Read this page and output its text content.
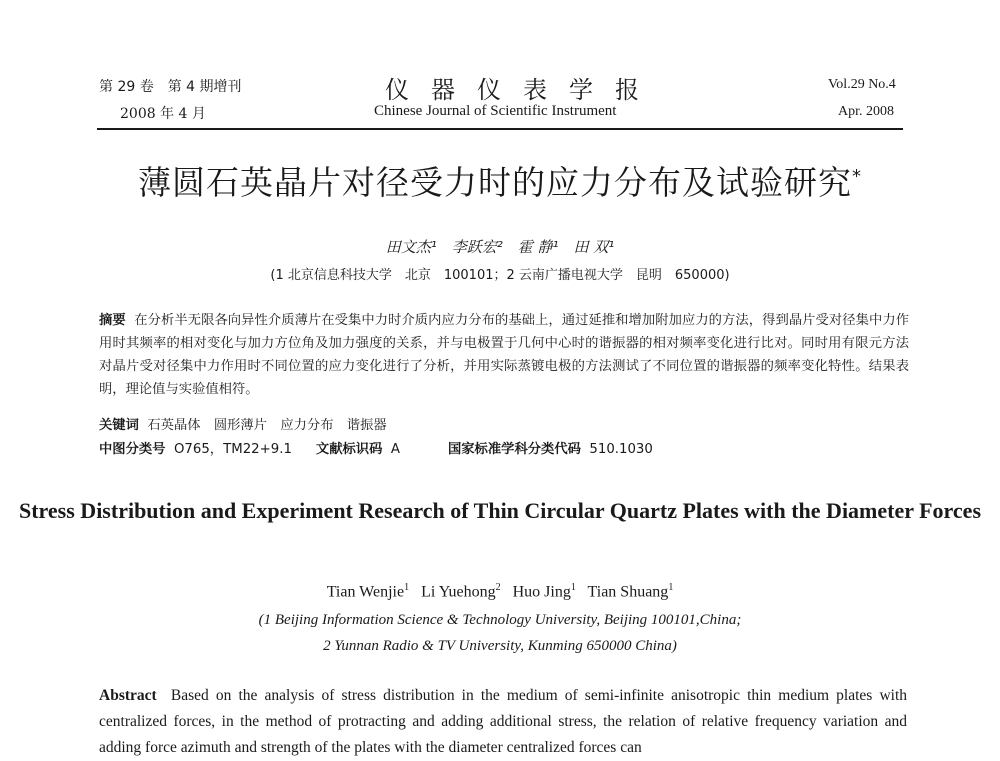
第 29 卷　第 4 期增刊
2008 年 4 月
仪器仪表学报
Chinese Journal of Scientific Instrument
Vol.29 No.4
Apr. 2008
薄圆石英晶片对径受力时的应力分布及试验研究*
田文杰¹　李跃宏²　霍 静¹　田 双¹
(1 北京信息科技大学　北京　100101；2 云南广播电视大学　昆明　650000)
摘要 在分析半无限各向异性介质薄片在受集中力时介质内应力分布的基础上，通过延推和增加附加应力的方法，得到晶片受对径集中力作用时其频率的相对变化与加力方位角及加力强度的关系，并与电极置于几何中心时的谐振器的相对频率变化进行比对。同时用有限元方法对晶片受对径集中力作用时不同位置的应力变化进行了分析，并用实际蒸镀电极的方法测试了不同位置的谐振器的频率变化特性。结果表明，理论值与实验值相符。
关键词 石英晶体　圆形薄片　应力分布　谐振器
中图分类号 O765，TM22+9.1 文献标识码 A	国家标准学科分类代码 510.1030
Stress Distribution and Experiment Research of Thin Circular Quartz Plates with the Diameter Forces
Tian Wenjie$^1$ Li Yuehong$^2$ Huo Jing$^1$ Tian Shuang$^1$
(1 Beijing Information Science & Technology University, Beijing 100101,China;
2 Yunnan Radio & TV University, Kunming 650000 China)
Abstract Based on the analysis of stress distribution in the medium of semi-infinite anisotropic thin medium plates with centralized forces, in the method of protracting and adding additional stress, the relation of relative frequency variation and adding force azimuth and strength of the plates with the diameter centralized forces can
